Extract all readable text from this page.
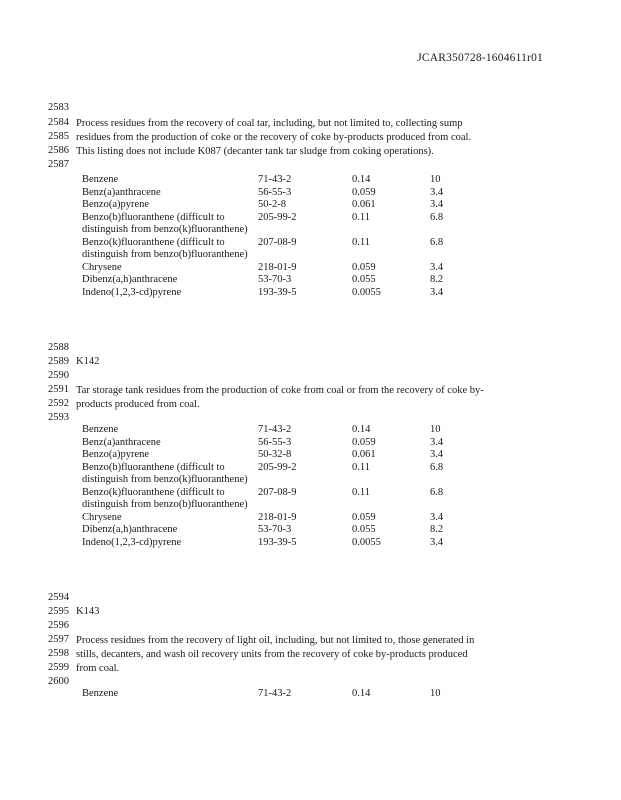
JCAR350728-1604611r01
2583
2584
2585
2586
2587
Process residues from the recovery of coal tar, including, but not limited to, collecting sump
residues from the production of coke or the recovery of coke by-products produced from coal.
This listing does not include K087 (decanter tank tar sludge from coking operations).
Benzene	71-43-2	0.14	10
Benz(a)anthracene	56-55-3	0.059	3.4
Benzo(a)pyrene	50-2-8	0.061	3.4
Benzo(b)fluoranthene (difficult to distinguish from benzo(k)fluoranthene)	205-99-2	0.11	6.8
Benzo(k)fluoranthene (difficult to distinguish from benzo(b)fluoranthene)	207-08-9	0.11	6.8
Chrysene	218-01-9	0.059	3.4
Dibenz(a,h)anthracene	53-70-3	0.055	8.2
Indeno(1,2,3-cd)pyrene	193-39-5	0.0055	3.4
2588
2589
2590
2591
2592
2593
K142
Tar storage tank residues from the production of coke from coal or from the recovery of coke by-
products produced from coal.
Benzene	71-43-2	0.14	10
Benz(a)anthracene	56-55-3	0.059	3.4
Benzo(a)pyrene	50-32-8	0.061	3.4
Benzo(b)fluoranthene (difficult to distinguish from benzo(k)fluoranthene)	205-99-2	0.11	6.8
Benzo(k)fluoranthene (difficult to distinguish from benzo(b)fluoranthene)	207-08-9	0.11	6.8
Chrysene	218-01-9	0.059	3.4
Dibenz(a,h)anthracene	53-70-3	0.055	8.2
Indeno(1,2,3-cd)pyrene	193-39-5	0.0055	3.4
2594
2595
2596
2597
2598
2599
2600
K143
Process residues from the recovery of light oil, including, but not limited to, those generated in
stills, decanters, and wash oil recovery units from the recovery of coke by-products produced
from coal.
Benzene	71-43-2	0.14	10
